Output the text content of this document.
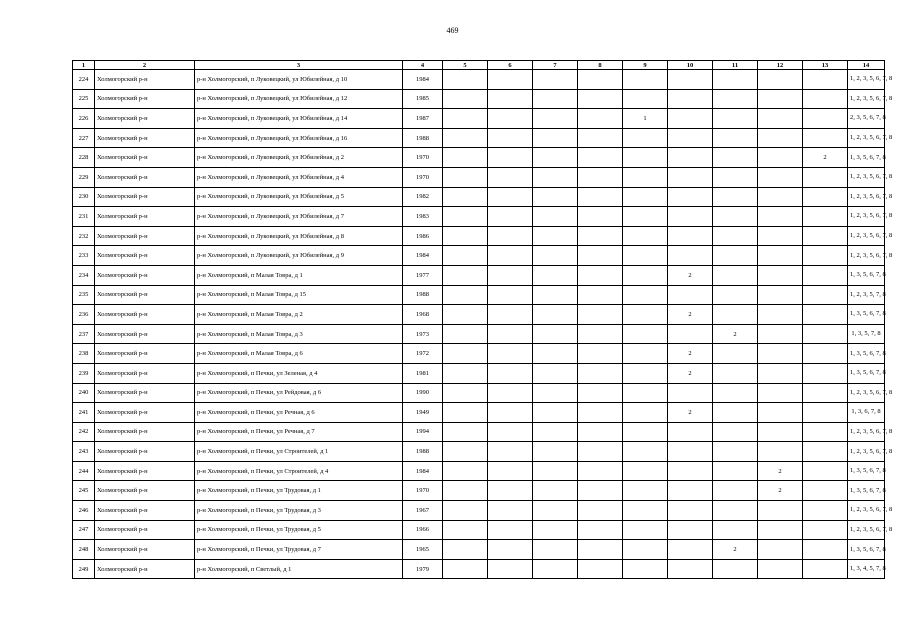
469
1	2	3	4	5	6	7	8	9	10	11	12	13	14
224	Холмогорский р-н	р-н Холмогорский, п Луковецкий, ул Юбилейная, д 10	1984										1, 2, 3, 5, 6, 7, 8
225	Холмогорский р-н	р-н Холмогорский, п Луковецкий, ул Юбилейная, д 12	1985										1, 2, 3, 5, 6, 7, 8
226	Холмогорский р-н	р-н Холмогорский, п Луковецкий, ул Юбилейная, д 14	1987					1					2, 3, 5, 6, 7, 8
227	Холмогорский р-н	р-н Холмогорский, п Луковецкий, ул Юбилейная, д 16	1988										1, 2, 3, 5, 6, 7, 8
228	Холмогорский р-н	р-н Холмогорский, п Луковецкий, ул Юбилейная, д 2	1970									2	1, 3, 5, 6, 7, 8
229	Холмогорский р-н	р-н Холмогорский, п Луковецкий, ул Юбилейная, д 4	1970										1, 2, 3, 5, 6, 7, 8
230	Холмогорский р-н	р-н Холмогорский, п Луковецкий, ул Юбилейная, д 5	1982										1, 2, 3, 5, 6, 7, 8
231	Холмогорский р-н	р-н Холмогорский, п Луковецкий, ул Юбилейная, д 7	1983										1, 2, 3, 5, 6, 7, 8
232	Холмогорский р-н	р-н Холмогорский, п Луковецкий, ул Юбилейная, д 8	1986										1, 2, 3, 5, 6, 7, 8
233	Холмогорский р-н	р-н Холмогорский, п Луковецкий, ул Юбилейная, д 9	1984										1, 2, 3, 5, 6, 7, 8
234	Холмогорский р-н	р-н Холмогорский, п Малая Товра, д 1	1977						2				1, 3, 5, 6, 7, 8
235	Холмогорский р-н	р-н Холмогорский, п Малая Товра, д 15	1988										1, 2, 3, 5, 7, 8
236	Холмогорский р-н	р-н Холмогорский, п Малая Товра, д 2	1968						2				1, 3, 5, 6, 7, 8
237	Холмогорский р-н	р-н Холмогорский, п Малая Товра, д 3	1973							2			1, 3, 5, 7, 8
238	Холмогорский р-н	р-н Холмогорский, п Малая Товра, д 6	1972						2				1, 3, 5, 6, 7, 8
239	Холмогорский р-н	р-н Холмогорский, п Печки, ул Зеленая, д 4	1981						2				1, 3, 5, 6, 7, 8
240	Холмогорский р-н	р-н Холмогорский, п Печки, ул Рейдовая, д 6	1990										1, 2, 3, 5, 6, 7, 8
241	Холмогорский р-н	р-н Холмогорский, п Печки, ул Речная, д 6	1949						2				1, 3, 6, 7, 8
242	Холмогорский р-н	р-н Холмогорский, п Печки, ул Речная, д 7	1994										1, 2, 3, 5, 6, 7, 8
243	Холмогорский р-н	р-н Холмогорский, п Печки, ул Строителей, д 1	1988										1, 2, 3, 5, 6, 7, 8
244	Холмогорский р-н	р-н Холмогорский, п Печки, ул Строителей, д 4	1984								2		1, 3, 5, 6, 7, 8
245	Холмогорский р-н	р-н Холмогорский, п Печки, ул Трудовая, д 1	1970								2		1, 3, 5, 6, 7, 8
246	Холмогорский р-н	р-н Холмогорский, п Печки, ул Трудовая, д 3	1967										1, 2, 3, 5, 6, 7, 8
247	Холмогорский р-н	р-н Холмогорский, п Печки, ул Трудовая, д 5	1966										1, 2, 3, 5, 6, 7, 8
248	Холмогорский р-н	р-н Холмогорский, п Печки, ул Трудовая, д 7	1965							2			1, 3, 5, 6, 7, 8
249	Холмогорский р-н	р-н Холмогорский, п Светлый, д 1	1979										1, 3, 4, 5, 7, 8
